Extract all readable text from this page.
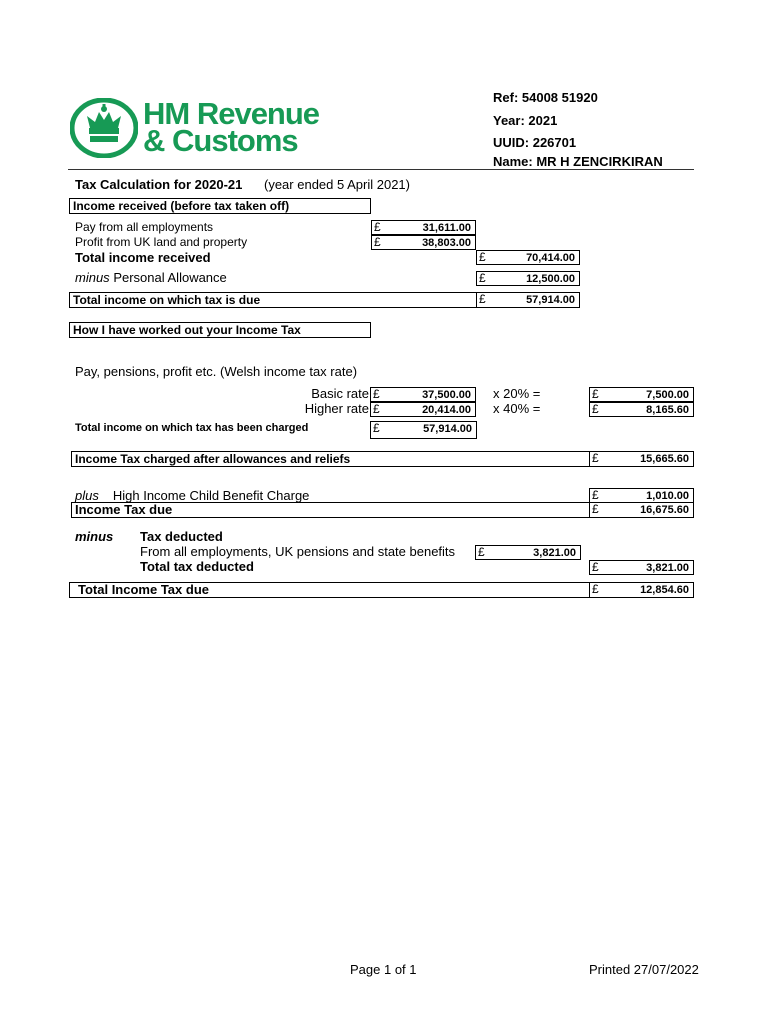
HM Revenue
& Customs
Ref: 54008 51920
Year: 2021
UUID: 226701
Name: MR H ZENCIRKIRAN
Tax Calculation for 2020-21 (year ended 5 April 2021)
Income received (before tax taken off)
Pay from all employments	£	31,611.00
Profit from UK land and property	£	38,803.00
Total income received	£	70,414.00
minus Personal Allowance	£	12,500.00
Total income on which tax is due	£	57,914.00
How I have worked out your Income Tax
Pay, pensions, profit etc. (Welsh income tax rate)
Basic rate £	37,500.00 x 20% =	£	7,500.00
Higher rate £	20,414.00 x 40% =	£	8,165.60
Total income on which tax has been charged	£	57,914.00
Income Tax charged after allowances and reliefs	£	15,665.60
plus High Income Child Benefit Charge	£	1,010.00
Income Tax due	£	16,675.60
minus Tax deducted
From all employments, UK pensions and state benefits £	3,821.00
Total tax deducted	£	3,821.00
Total Income Tax due	£	12,854.60
Page 1 of 1	Printed 27/07/2022
